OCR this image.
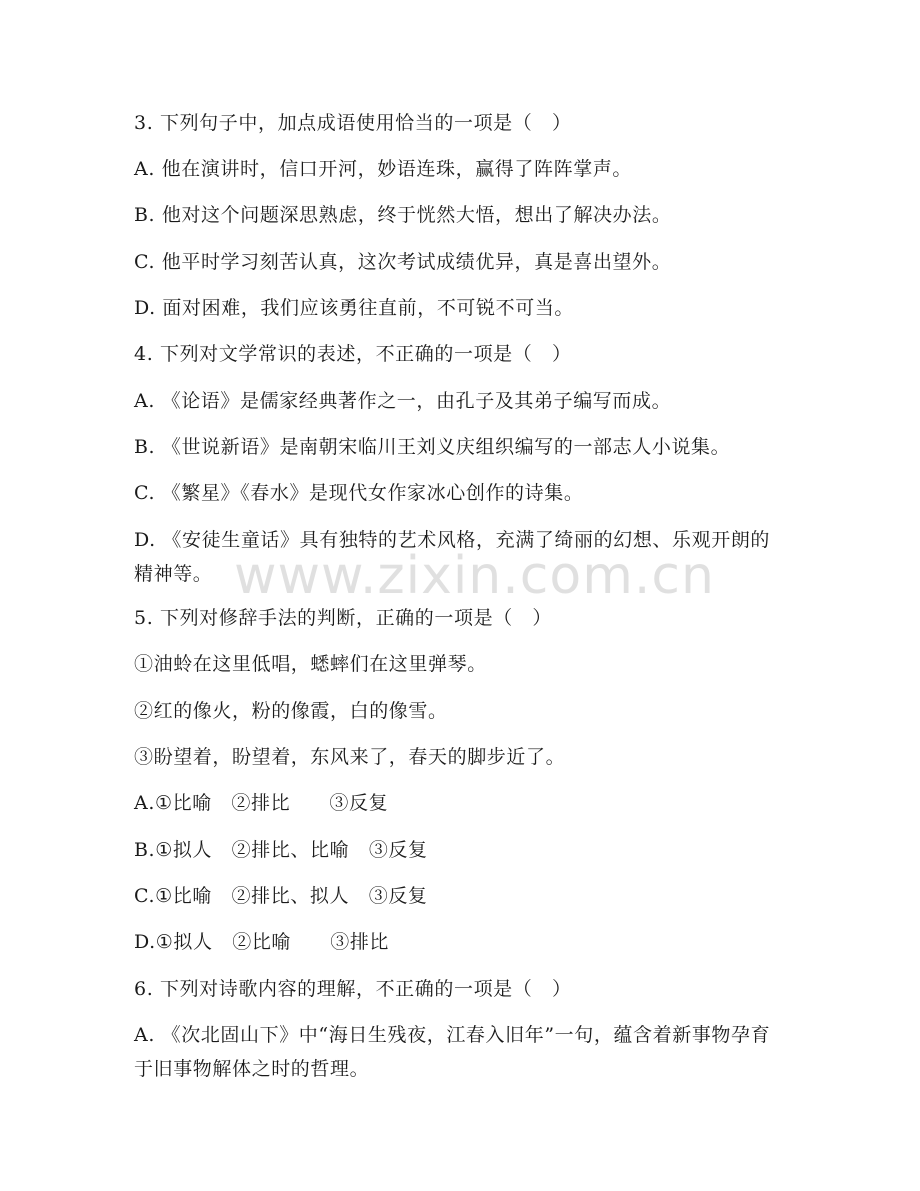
3. 下列句子中，加点成语使用恰当的一项是（　）
A. 他在演讲时，信口开河，妙语连珠，赢得了阵阵掌声。
B. 他对这个问题深思熟虑，终于恍然大悟，想出了解决办法。
C. 他平时学习刻苦认真，这次考试成绩优异，真是喜出望外。
D. 面对困难，我们应该勇往直前，不可锐不可当。
4. 下列对文学常识的表述，不正确的一项是（　）
A. 《论语》是儒家经典著作之一，由孔子及其弟子编写而成。
B. 《世说新语》是南朝宋临川王刘义庆组织编写的一部志人小说集。
C. 《繁星》《春水》是现代女作家冰心创作的诗集。
D. 《安徒生童话》具有独特的艺术风格，充满了绮丽的幻想、乐观开朗的精神等。
5. 下列对修辞手法的判断，正确的一项是（　）
①油蛉在这里低唱，蟋蟀们在这里弹琴。
②红的像火，粉的像霞，白的像雪。
③盼望着，盼望着，东风来了，春天的脚步近了。
A.①比喻　②排比　　③反复
B.①拟人　②排比、比喻　③反复
C.①比喻　②排比、拟人　③反复
D.①拟人　②比喻　　③排比
6. 下列对诗歌内容的理解，不正确的一项是（　）
A. 《次北固山下》中“海日生残夜，江春入旧年”一句，蕴含着新事物孕育于旧事物解体之时的哲理。
www.zixin.com.cn
